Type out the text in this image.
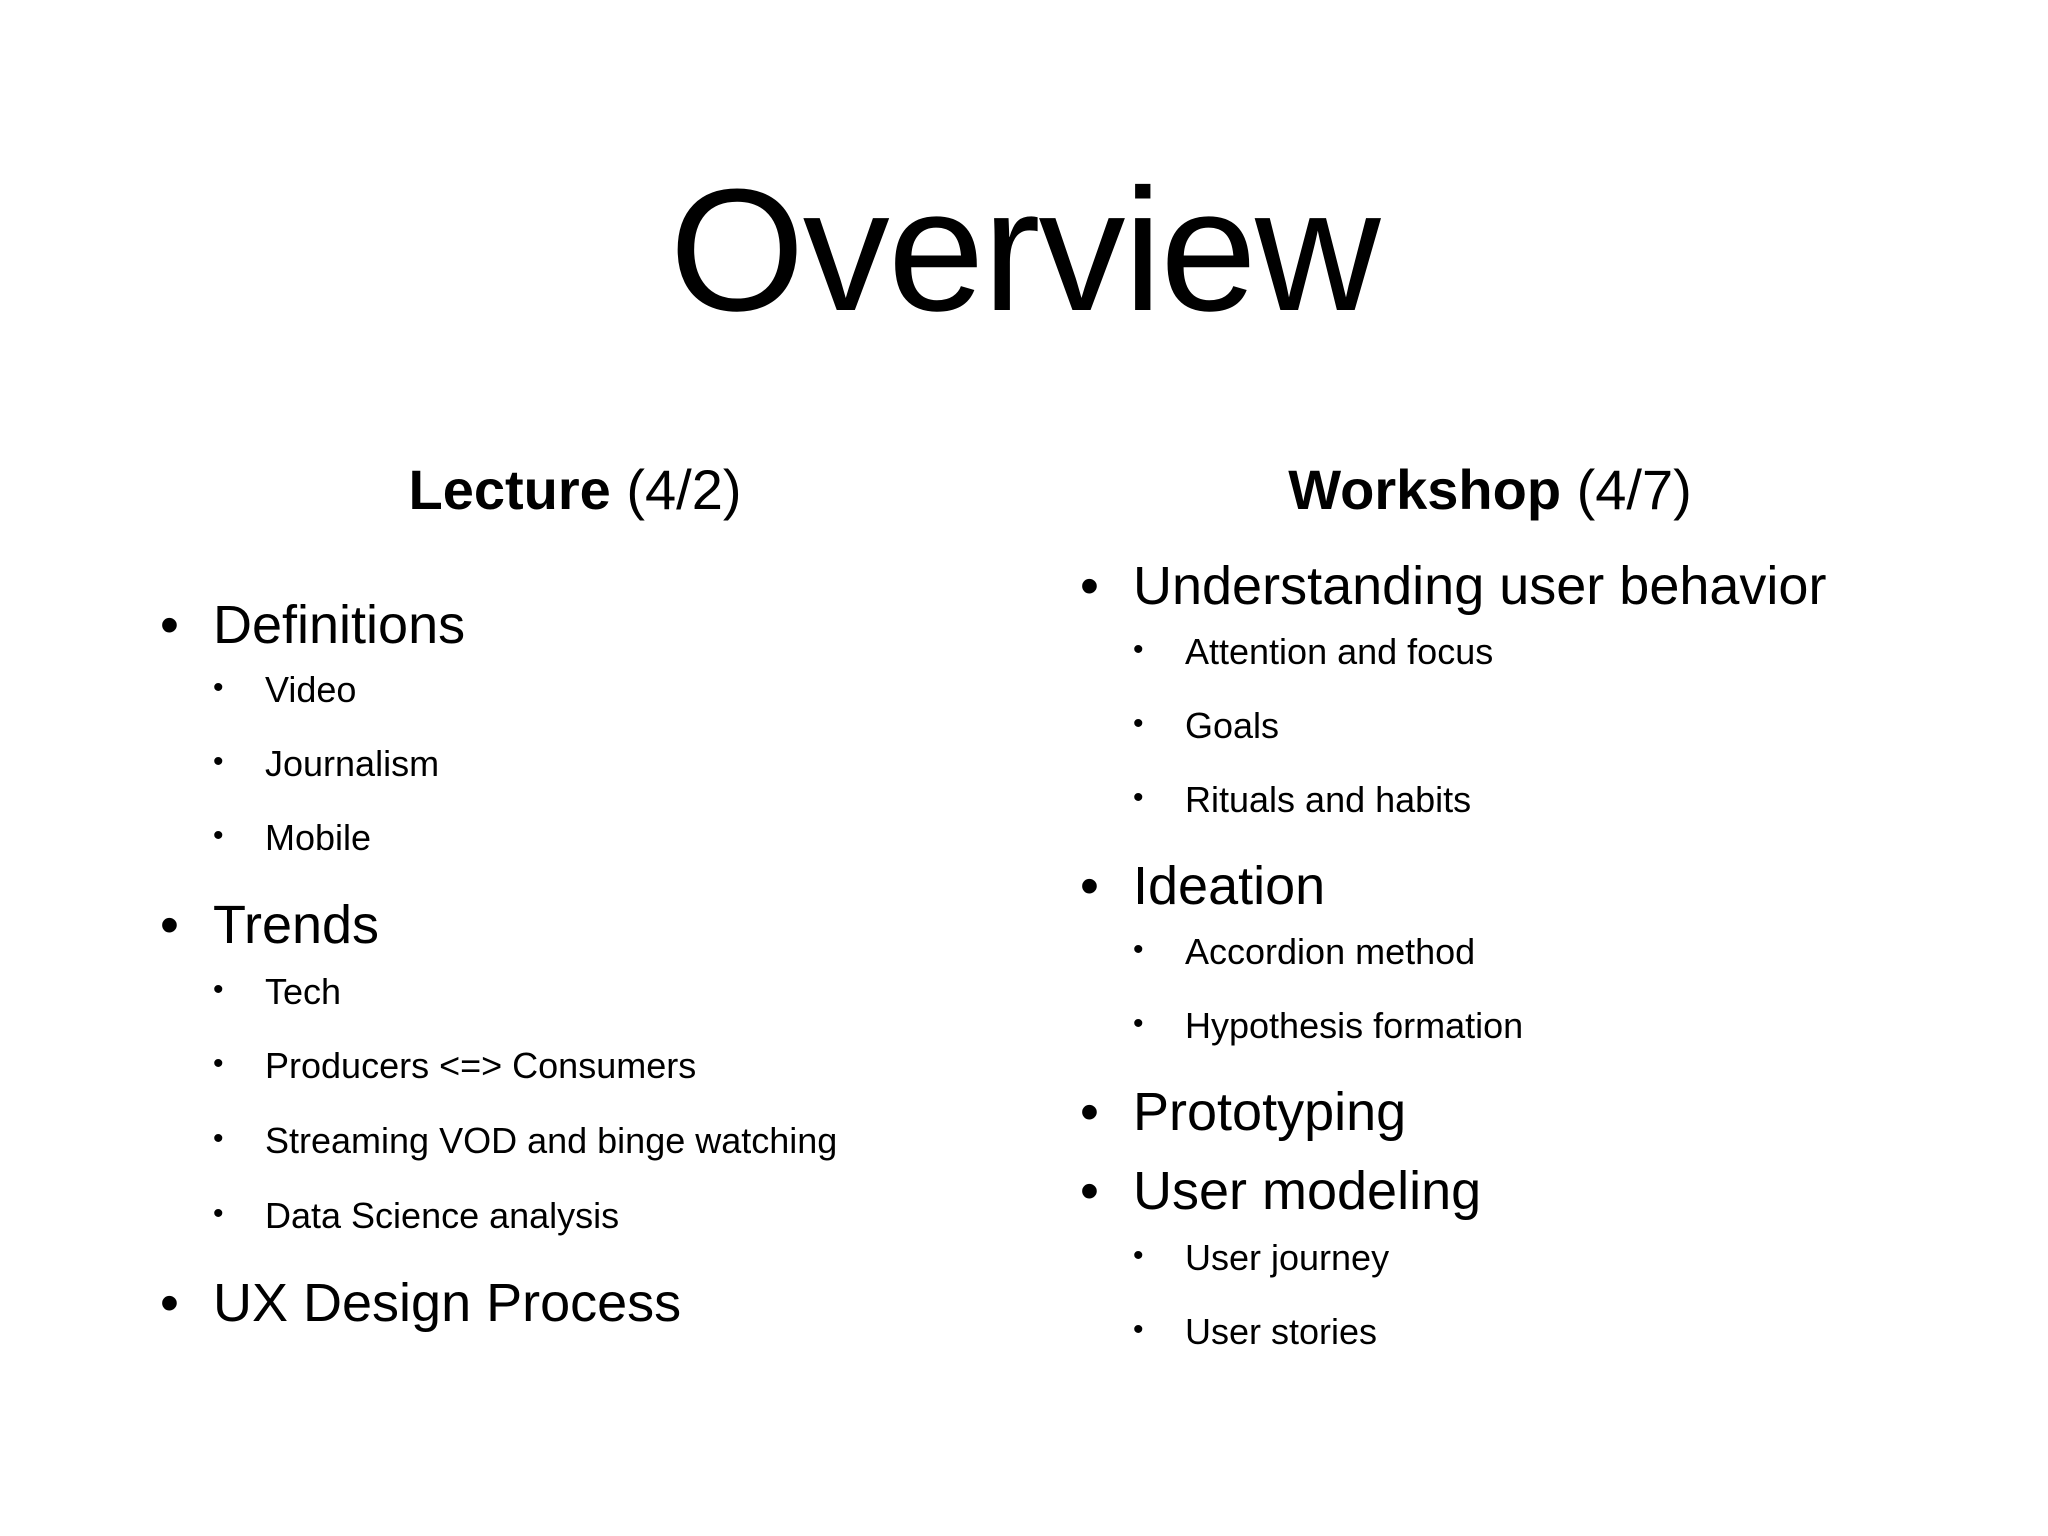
Overview
Lecture (4/2)
• Definitions
• Video
• Journalism
• Mobile
• Trends
• Tech
• Producers <=> Consumers
• Streaming VOD and binge watching
• Data Science analysis
• UX Design Process
Workshop (4/7)
• Understanding user behavior
• Attention and focus
• Goals
• Rituals and habits
• Ideation
• Accordion method
• Hypothesis formation
• Prototyping
• User modeling
• User journey
• User stories
